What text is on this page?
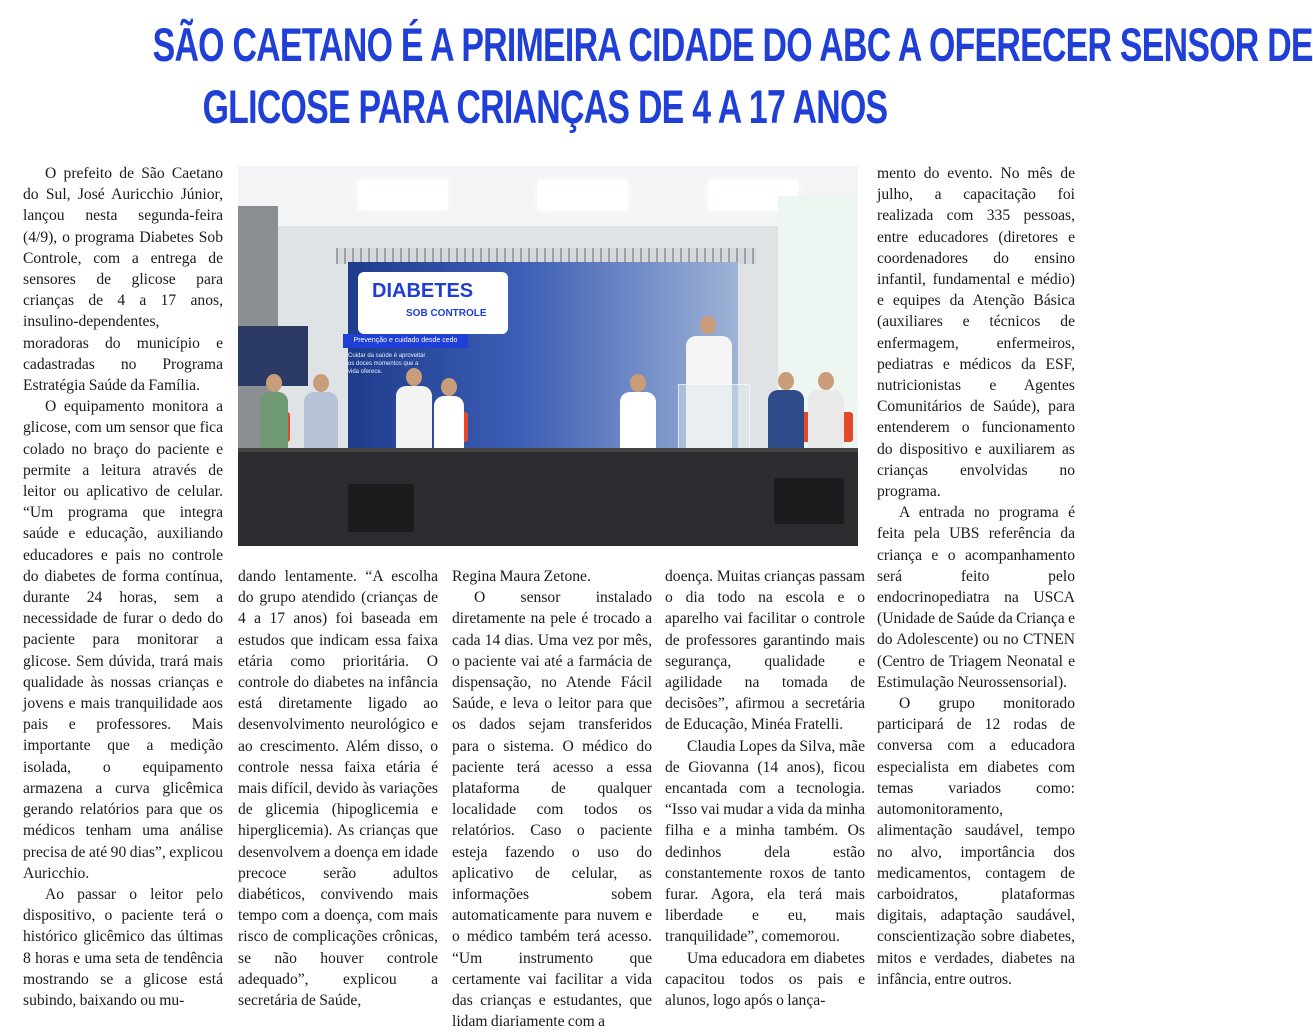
SÃO CAETANO É A PRIMEIRA CIDADE DO ABC A OFERECER SENSOR DE
GLICOSE PARA CRIANÇAS DE 4 A 17 ANOS

O prefeito de São Caetano do Sul, José Auricchio Júnior, lançou nesta segunda-feira (4/9), o programa Diabetes Sob Controle, com a entrega de sensores de glicose para crianças de 4 a 17 anos, insulino-dependentes, moradoras do município e cadastradas no Programa Estratégia Saúde da Família.

O equipamento monitora a glicose, com um sensor que fica colado no braço do paciente e permite a leitura através de leitor ou aplicativo de celular. “Um programa que integra saúde e educação, auxiliando educadores e pais no controle do diabetes de forma contínua, durante 24 horas, sem a necessidade de furar o dedo do paciente para monitorar a glicose. Sem dúvida, trará mais qualidade às nossas crianças e jovens e mais tranquilidade aos pais e professores. Mais importante que a medição isolada, o equipamento armazena a curva glicêmica gerando relatórios para que os médicos tenham uma análise precisa de até 90 dias”, explicou Auricchio.

Ao passar o leitor pelo dispositivo, o paciente terá o histórico glicêmico das últimas 8 horas e uma seta de tendência mostrando se a glicose está subindo, baixando ou mu-

DIABETES
SOB CONTROLE
Prevenção e cuidado desde cedo
Cuidar da saúde é aproveitar os doces momentos que a vida oferece.

dando lentamente. “A escolha do grupo atendido (crianças de 4 a 17 anos) foi baseada em estudos que indicam essa faixa etária como prioritária. O controle do diabetes na infância está diretamente ligado ao desenvolvimento neurológico e ao crescimento. Além disso, o controle nessa faixa etária é mais difícil, devido às variações de glicemia (hipoglicemia e hiperglicemia). As crianças que desenvolvem a doença em idade precoce serão adultos diabéticos, convivendo mais tempo com a doença, com mais risco de complicações crônicas, se não houver controle adequado”, explicou a secretária de Saúde,

Regina Maura Zetone.

O sensor instalado diretamente na pele é trocado a cada 14 dias. Uma vez por mês, o paciente vai até a farmácia de dispensação, no Atende Fácil Saúde, e leva o leitor para que os dados sejam transferidos para o sistema. O médico do paciente terá acesso a essa plataforma de qualquer localidade com todos os relatórios. Caso o paciente esteja fazendo o uso do aplicativo de celular, as informações sobem automaticamente para nuvem e o médico também terá acesso. “Um instrumento que certamente vai facilitar a vida das crianças e estudantes, que lidam diariamente com a

doença. Muitas crianças passam o dia todo na escola e o aparelho vai facilitar o controle de professores garantindo mais segurança, qualidade e agilidade na tomada de decisões”, afirmou a secretária de Educação, Minéa Fratelli.

Claudia Lopes da Silva, mãe de Giovanna (14 anos), ficou encantada com a tecnologia. “Isso vai mudar a vida da minha filha e a minha também. Os dedinhos dela estão constantemente roxos de tanto furar. Agora, ela terá mais liberdade e eu, mais tranquilidade”, comemorou.

Uma educadora em diabetes capacitou todos os pais e alunos, logo após o lança-

mento do evento. No mês de julho, a capacitação foi realizada com 335 pessoas, entre educadores (diretores e coordenadores do ensino infantil, fundamental e médio) e equipes da Atenção Básica (auxiliares e técnicos de enfermagem, enfermeiros, pediatras e médicos da ESF, nutricionistas e Agentes Comunitários de Saúde), para entenderem o funcionamento do dispositivo e auxiliarem as crianças envolvidas no programa.

A entrada no programa é feita pela UBS referência da criança e o acompanhamento será feito pelo endocrinopediatra na USCA (Unidade de Saúde da Criança e do Adolescente) ou no CTNEN (Centro de Triagem Neonatal e Estimulação Neurossensorial).

O grupo monitorado participará de 12 rodas de conversa com a educadora especialista em diabetes com temas variados como: automonitoramento, alimentação saudável, tempo no alvo, importância dos medicamentos, contagem de carboidratos, plataformas digitais, adaptação saudável, conscientização sobre diabetes, mitos e verdades, diabetes na infância, entre outros.
